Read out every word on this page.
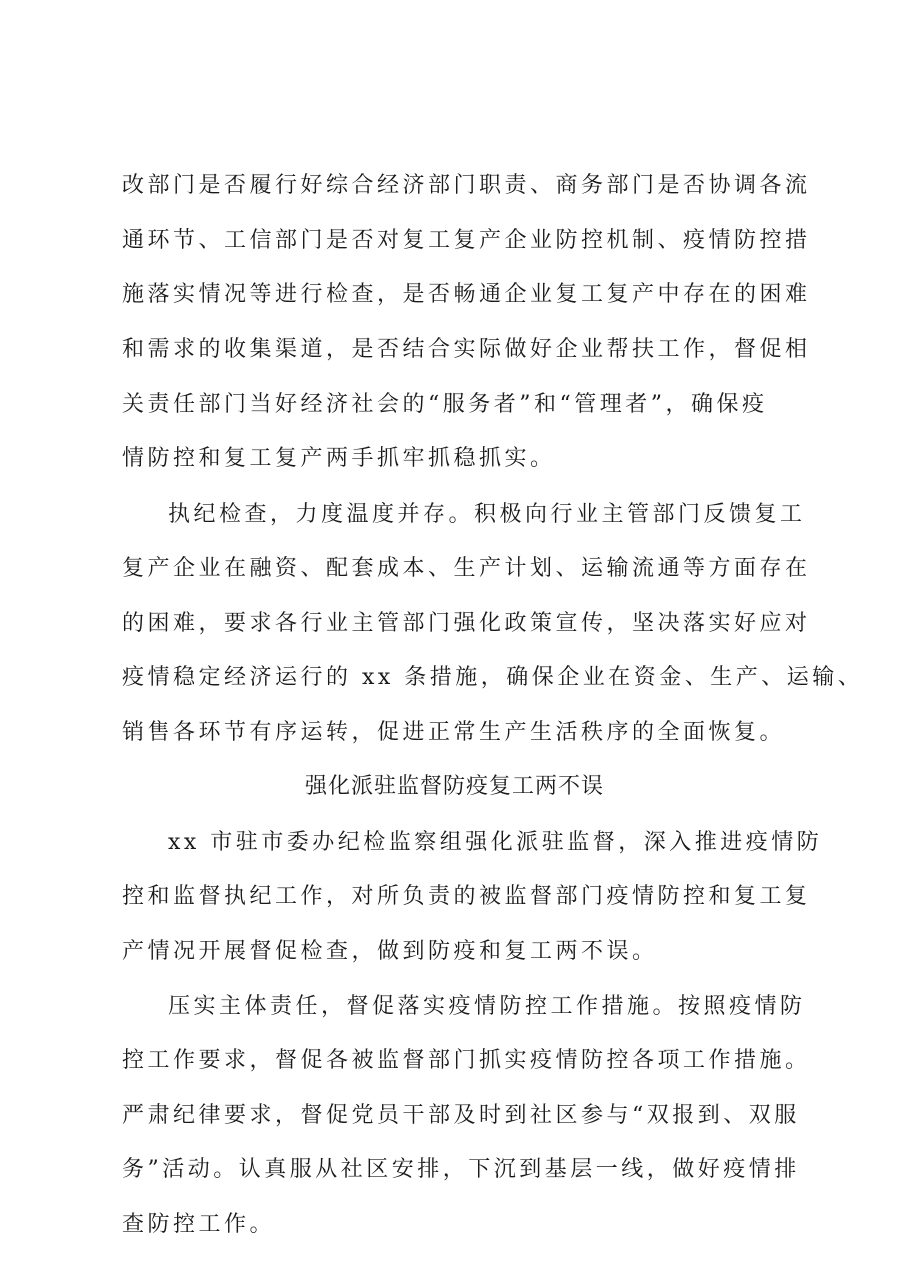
改部门是否履行好综合经济部门职责、商务部门是否协调各流
通环节、工信部门是否对复工复产企业防控机制、疫情防控措
施落实情况等进行检查，是否畅通企业复工复产中存在的困难
和需求的收集渠道，是否结合实际做好企业帮扶工作，督促相
关责任部门当好经济社会的“服务者”和“管理者”，确保疫
情防控和复工复产两手抓牢抓稳抓实。
执纪检查，力度温度并存。积极向行业主管部门反馈复工
复产企业在融资、配套成本、生产计划、运输流通等方面存在
的困难，要求各行业主管部门强化政策宣传，坚决落实好应对
疫情稳定经济运行的 xx 条措施，确保企业在资金、生产、运输、
销售各环节有序运转，促进正常生产生活秩序的全面恢复。
强化派驻监督防疫复工两不误
xx 市驻市委办纪检监察组强化派驻监督，深入推进疫情防
控和监督执纪工作，对所负责的被监督部门疫情防控和复工复
产情况开展督促检查，做到防疫和复工两不误。
压实主体责任，督促落实疫情防控工作措施。按照疫情防
控工作要求，督促各被监督部门抓实疫情防控各项工作措施。
严肃纪律要求，督促党员干部及时到社区参与“双报到、双服
务”活动。认真服从社区安排，下沉到基层一线，做好疫情排
查防控工作。
